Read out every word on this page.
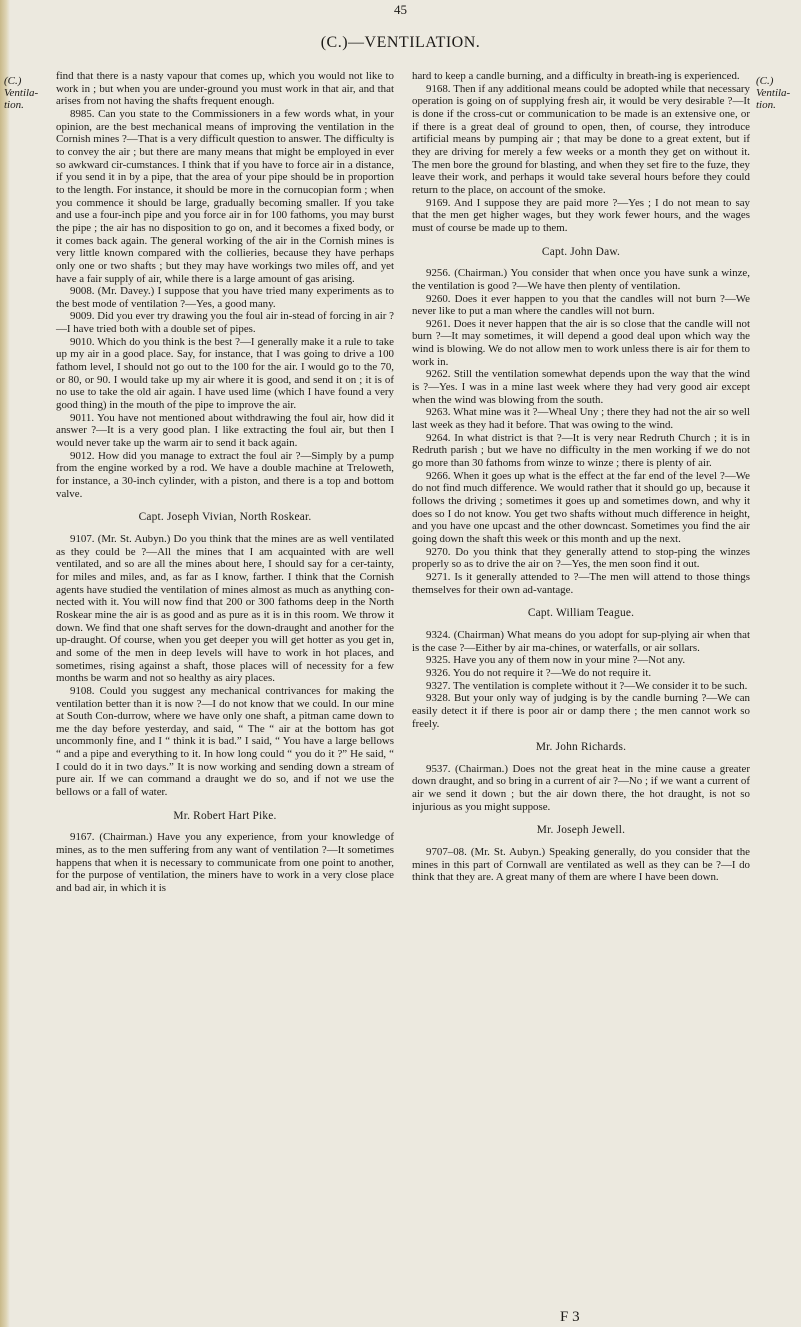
45
(C.)—VENTILATION.
(C.) Ventila- tion.
(C.) Ventila- tion.

find that there is a nasty vapour that comes up, which you would not like to work in ; but when you are under-ground you must work in that air, and that arises from not having the shafts frequent enough.

8985. Can you state to the Commissioners in a few words what, in your opinion, are the best mechanical means of improving the ventilation in the Cornish mines ?—That is a very difficult question to answer. The difficulty is to convey the air ; but there are many means that might be employed in ever so awkward cir-cumstances. I think that if you have to force air in a distance, if you send it in by a pipe, that the area of your pipe should be in proportion to the length. For instance, it should be more in the cornucopian form ; when you commence it should be large, gradually becoming smaller. If you take and use a four-inch pipe and you force air in for 100 fathoms, you may burst the pipe ; the air has no disposition to go on, and it becomes a fixed body, or it comes back again. The general working of the air in the Cornish mines is very little known compared with the collieries, because they have perhaps only one or two shafts ; but they may have workings two miles off, and yet have a fair supply of air, while there is a large amount of gas arising.

9008. (Mr. Davey.) I suppose that you have tried many experiments as to the best mode of ventilation ?—Yes, a good many.

9009. Did you ever try drawing you the foul air in-stead of forcing in air ?—I have tried both with a double set of pipes.

9010. Which do you think is the best ?—I generally make it a rule to take up my air in a good place. Say, for instance, that I was going to drive a 100 fathom level, I should not go out to the 100 for the air. I would go to the 70, or 80, or 90. I would take up my air where it is good, and send it on ; it is of no use to take the old air again. I have used lime (which I have found a very good thing) in the mouth of the pipe to improve the air.

9011. You have not mentioned about withdrawing the foul air, how did it answer ?—It is a very good plan. I like extracting the foul air, but then I would never take up the warm air to send it back again.

9012. How did you manage to extract the foul air ?—Simply by a pump from the engine worked by a rod. We have a double machine at Treloweth, for instance, a 30-inch cylinder, with a piston, and there is a top and bottom valve.

Capt. Joseph Vivian, North Roskear.

9107. (Mr. St. Aubyn.) Do you think that the mines are as well ventilated as they could be ?—All the mines that I am acquainted with are well ventilated, and so are all the mines about here, I should say for a cer-tainty, for miles and miles, and, as far as I know, farther. I think that the Cornish agents have studied the ventilation of mines almost as much as anything con-nected with it. You will now find that 200 or 300 fathoms deep in the North Roskear mine the air is as good and as pure as it is in this room. We throw it down. We find that one shaft serves for the down-draught and another for the up-draught. Of course, when you get deeper you will get hotter as you get in, and some of the men in deep levels will have to work in hot places, and sometimes, rising against a shaft, those places will of necessity for a few months be warm and not so healthy as airy places.

9108. Could you suggest any mechanical contrivances for making the ventilation better than it is now ?—I do not know that we could. In our mine at South Con-durrow, where we have only one shaft, a pitman came down to me the day before yesterday, and said, “ The “ air at the bottom has got uncommonly fine, and I “ think it is bad.” I said, “ You have a large bellows “ and a pipe and everything to it. In how long could “ you do it ?” He said, “ I could do it in two days.” It is now working and sending down a stream of pure air. If we can command a draught we do so, and if not we use the bellows or a fall of water.

Mr. Robert Hart Pike.

9167. (Chairman.) Have you any experience, from your knowledge of mines, as to the men suffering from any want of ventilation ?—It sometimes happens that when it is necessary to communicate from one point to another, for the purpose of ventilation, the miners have to work in a very close place and bad air, in which it is

hard to keep a candle burning, and a difficulty in breath-ing is experienced.

9168. Then if any additional means could be adopted while that necessary operation is going on of supplying fresh air, it would be very desirable ?—It is done if the cross-cut or communication to be made is an extensive one, or if there is a great deal of ground to open, then, of course, they introduce artificial means by pumping air ; that may be done to a great extent, but if they are driving for merely a few weeks or a month they get on without it. The men bore the ground for blasting, and when they set fire to the fuze, they leave their work, and perhaps it would take several hours before they could return to the place, on account of the smoke.

9169. And I suppose they are paid more ?—Yes ; I do not mean to say that the men get higher wages, but they work fewer hours, and the wages must of course be made up to them.

Capt. John Daw.

9256. (Chairman.) You consider that when once you have sunk a winze, the ventilation is good ?—We have then plenty of ventilation.

9260. Does it ever happen to you that the candles will not burn ?—We never like to put a man where the candles will not burn.

9261. Does it never happen that the air is so close that the candle will not burn ?—It may sometimes, it will depend a good deal upon which way the wind is blowing. We do not allow men to work unless there is air for them to work in.

9262. Still the ventilation somewhat depends upon the way that the wind is ?—Yes. I was in a mine last week where they had very good air except when the wind was blowing from the south.

9263. What mine was it ?—Wheal Uny ; there they had not the air so well last week as they had it before. That was owing to the wind.

9264. In what district is that ?—It is very near Redruth Church ; it is in Redruth parish ; but we have no difficulty in the men working if we do not go more than 30 fathoms from winze to winze ; there is plenty of air.

9266. When it goes up what is the effect at the far end of the level ?—We do not find much difference. We would rather that it should go up, because it follows the driving ; sometimes it goes up and sometimes down, and why it does so I do not know. You get two shafts without much difference in height, and you have one upcast and the other downcast. Sometimes you find the air going down the shaft this week or this month and up the next.

9270. Do you think that they generally attend to stop-ping the winzes properly so as to drive the air on ?—Yes, the men soon find it out.

9271. Is it generally attended to ?—The men will attend to those things themselves for their own ad-vantage.

Capt. William Teague.

9324. (Chairman) What means do you adopt for sup-plying air when that is the case ?—Either by air ma-chines, or waterfalls, or air sollars.

9325. Have you any of them now in your mine ?—Not any.

9326. You do not require it ?—We do not require it.

9327. The ventilation is complete without it ?—We consider it to be such.

9328. But your only way of judging is by the candle burning ?—We can easily detect it if there is poor air or damp there ; the men cannot work so freely.

Mr. John Richards.

9537. (Chairman.) Does not the great heat in the mine cause a greater down draught, and so bring in a current of air ?—No ; if we want a current of air we send it down ; but the air down there, the hot draught, is not so injurious as you might suppose.

Mr. Joseph Jewell.

9707–08. (Mr. St. Aubyn.) Speaking generally, do you consider that the mines in this part of Cornwall are ventilated as well as they can be ?—I do think that they are. A great many of them are where I have been down.

F 3
